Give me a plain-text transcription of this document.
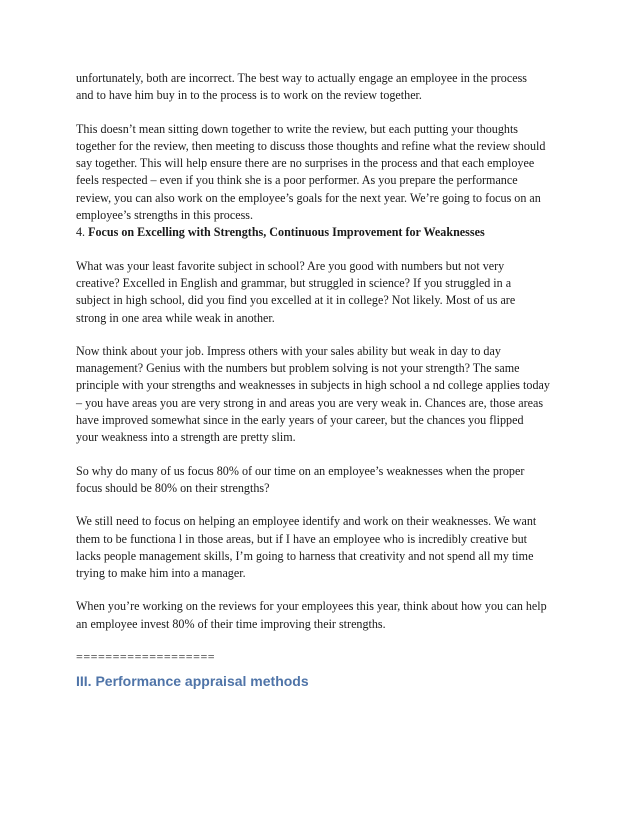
unfortunately, both are incorrect. The best way to actually engage an employee in the process
and to have him buy in to the process is to work on the review together.

This doesn’t mean sitting down together to write the review, but each putting your thoughts
together for the review, then meeting to discuss those thoughts and refine what the review should
say together. This will help ensure there are no surprises in the process and that each employee
feels respected – even if you think she is a poor performer. As you prepare the performance
review, you can also work on the employee’s goals for the next year. We’re going to focus on an
employee’s strengths in this process.

4. Focus on Excelling with Strengths, Continuous Improvement for Weaknesses

What was your least favorite subject in school? Are you good with numbers but not very
creative? Excelled in English and grammar, but struggled in science? If you struggled in a
subject in high school, did you find you excelled at it in college? Not likely. Most of us are
strong in one area while weak in another.

Now think about your job. Impress others with your sales ability but weak in day to day
management? Genius with the numbers but problem solving is not your strength? The same
principle with your strengths and weaknesses in subjects in high school a nd college applies today
– you have areas you are very strong in and areas you are very weak in. Chances are, those areas
have improved somewhat since in the early years of your career, but the chances you flipped
your weakness into a strength are pretty slim.

So why do many of us focus 80% of our time on an employee’s weaknesses when the proper
focus should be 80% on their strengths?

We still need to focus on helping an employee identify and work on their weaknesses. We want
them to be functiona l in those areas, but if I have an employee who is incredibly creative but
lacks people management skills, I’m going to harness that creativity and not spend all my time
trying to make him into a manager.

When you’re working on the reviews for your employees this year, think about how you can help
an employee invest 80% of their time improving their strengths.

===================
III. Performance appraisal methods
